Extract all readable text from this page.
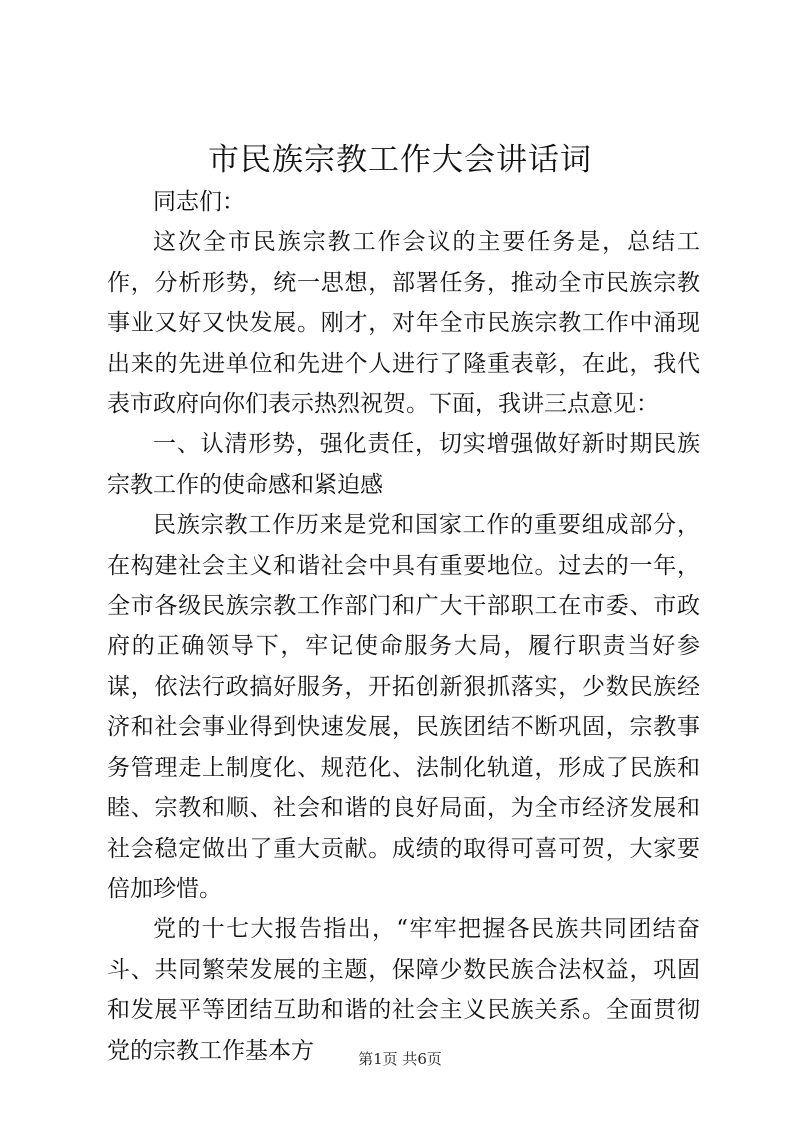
市民族宗教工作大会讲话词

同志们：

这次全市民族宗教工作会议的主要任务是，总结工作，分析形势，统一思想，部署任务，推动全市民族宗教事业又好又快发展。刚才，对年全市民族宗教工作中涌现出来的先进单位和先进个人进行了隆重表彰，在此，我代表市政府向你们表示热烈祝贺。下面，我讲三点意见：

一、认清形势，强化责任，切实增强做好新时期民族宗教工作的使命感和紧迫感

民族宗教工作历来是党和国家工作的重要组成部分，在构建社会主义和谐社会中具有重要地位。过去的一年，全市各级民族宗教工作部门和广大干部职工在市委、市政府的正确领导下，牢记使命服务大局，履行职责当好参谋，依法行政搞好服务，开拓创新狠抓落实，少数民族经济和社会事业得到快速发展，民族团结不断巩固，宗教事务管理走上制度化、规范化、法制化轨道，形成了民族和睦、宗教和顺、社会和谐的良好局面，为全市经济发展和社会稳定做出了重大贡献。成绩的取得可喜可贺，大家要倍加珍惜。

党的十七大报告指出，“牢牢把握各民族共同团结奋斗、共同繁荣发展的主题，保障少数民族合法权益，巩固和发展平等团结互助和谐的社会主义民族关系。全面贯彻党的宗教工作基本方	第1页 共6页
